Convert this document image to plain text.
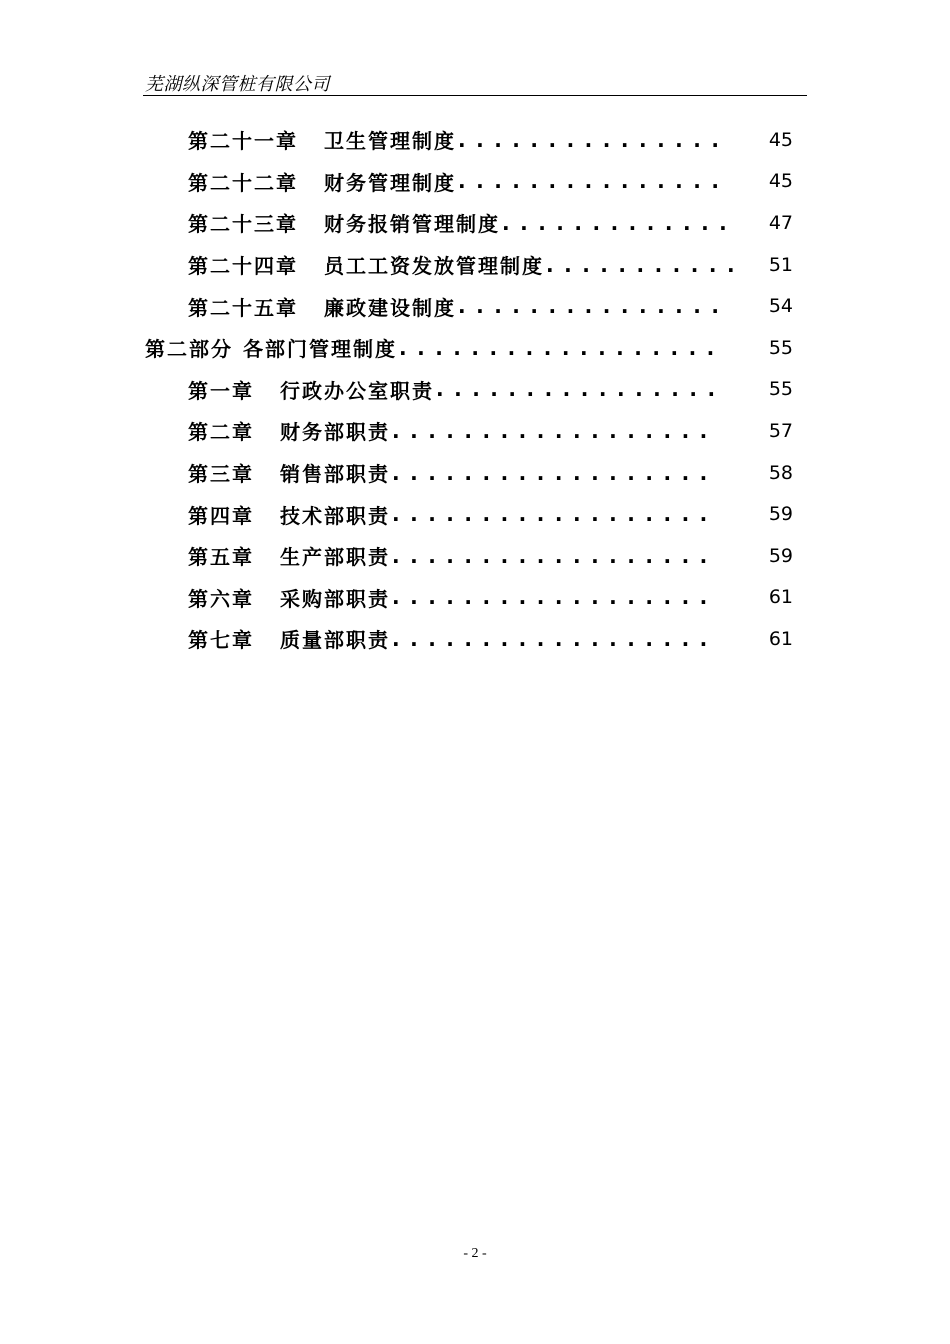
芜湖纵深管桩有限公司
第二十一章 卫生管理制度 ............... 45
第二十二章 财务管理制度 ............... 45
第二十三章 财务报销管理制度 ............. 47
第二十四章 员工工资发放管理制度 ........... 51
第二十五章 廉政建设制度 ............... 54
第二部分 各部门管理制度 .................. 55
第一章 行政办公室职责 ................ 55
第二章 财务部职责 ..................	57
第三章 销售部职责 ..................	58
第四章 技术部职责 ..................	59
第五章 生产部职责 ..................	59
第六章 采购部职责 ..................	61
第七章 质量部职责 ..................	61
- 2 -
